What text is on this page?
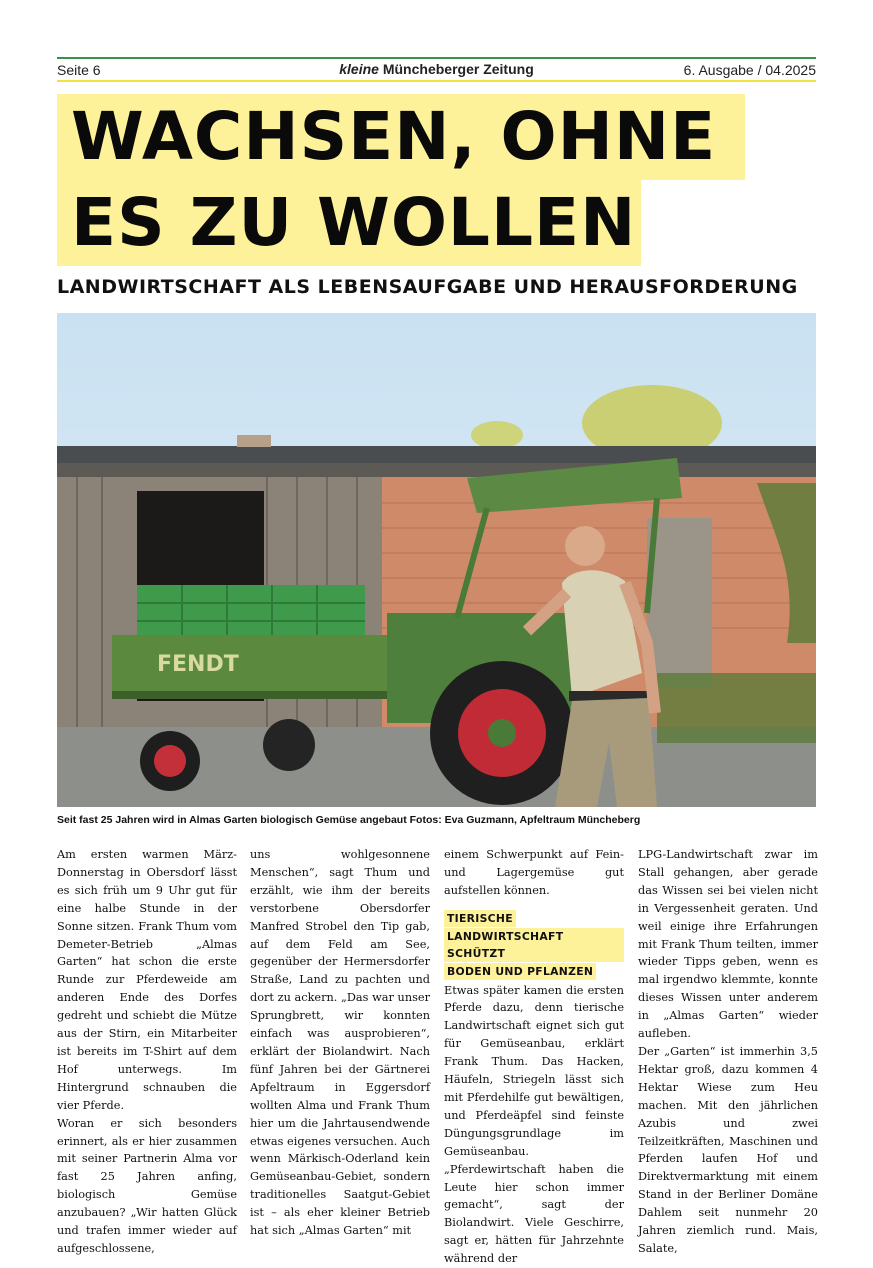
Seite 6	kleine Müncheberger Zeitung	6. Ausgabe / 04.2025
WACHSEN, OHNE
ES ZU WOLLEN
LANDWIRTSCHAFT ALS LEBENSAUFGABE UND HERAUSFORDERUNG
FENDT
Seit fast 25 Jahren wird in Almas Garten biologisch Gemüse angebaut Fotos: Eva Guzmann, Apfeltraum Müncheberg

Am ersten warmen März-Donnerstag in Obersdorf lässt es sich früh um 9 Uhr gut für eine halbe Stunde in der Sonne sitzen. Frank Thum vom Demeter-Betrieb „Almas Garten“ hat schon die erste Runde zur Pferdeweide am anderen Ende des Dorfes gedreht und schiebt die Mütze aus der Stirn, ein Mitarbeiter ist bereits im T-Shirt auf dem Hof unterwegs. Im Hintergrund schnauben die vier Pferde.

Woran er sich besonders erinnert, als er hier zusammen mit seiner Partnerin Alma vor fast 25 Jahren anfing, biologisch Gemüse anzubauen? „Wir hatten Glück und trafen immer wieder auf aufgeschlossene,

uns wohlgesonnene Menschen“, sagt Thum und erzählt, wie ihm der bereits verstorbene Obersdorfer Manfred Strobel den Tip gab, auf dem Feld am See, gegenüber der Hermersdorfer Straße, Land zu pachten und dort zu ackern. „Das war unser Sprungbrett, wir konnten einfach was ausprobieren“, erklärt der Biolandwirt. Nach fünf Jahren bei der Gärtnerei Apfeltraum in Eggersdorf wollten Alma und Frank Thum hier um die Jahrtausendwende etwas eigenes versuchen. Auch wenn Märkisch-Oderland kein Gemüseanbau-Gebiet, sondern traditionelles Saatgut-Gebiet ist – als eher kleiner Betrieb hat sich „Almas Garten“ mit

einem Schwerpunkt auf Fein- und Lagergemüse gut aufstellen können.

TIERISCHE
LANDWIRTSCHAFT SCHÜTZT
BODEN UND PFLANZEN

Etwas später kamen die ersten Pferde dazu, denn tierische Landwirtschaft eignet sich gut für Gemüseanbau, erklärt Frank Thum. Das Hacken, Häufeln, Striegeln lässt sich mit Pferdehilfe gut bewältigen, und Pferdeäpfel sind feinste Düngungsgrundlage im Gemüseanbau. „Pferdewirtschaft haben die Leute hier schon immer gemacht“, sagt der Biolandwirt. Viele Geschirre, sagt er, hätten für Jahrzehnte während der

LPG-Landwirtschaft zwar im Stall gehangen, aber gerade das Wissen sei bei vielen nicht in Vergessenheit geraten. Und weil einige ihre Erfahrungen mit Frank Thum teilten, immer wieder Tipps geben, wenn es mal irgendwo klemmte, konnte dieses Wissen unter anderem in „Almas Garten“ wieder aufleben.

Der „Garten“ ist immerhin 3,5 Hektar groß, dazu kommen 4 Hektar Wiese zum Heu machen. Mit den jährlichen Azubis und zwei Teilzeitkräften, Maschinen und Pferden laufen Hof und Direktvermarktung mit einem Stand in der Berliner Domäne Dahlem seit nunmehr 20 Jahren ziemlich rund. Mais, Salate,
